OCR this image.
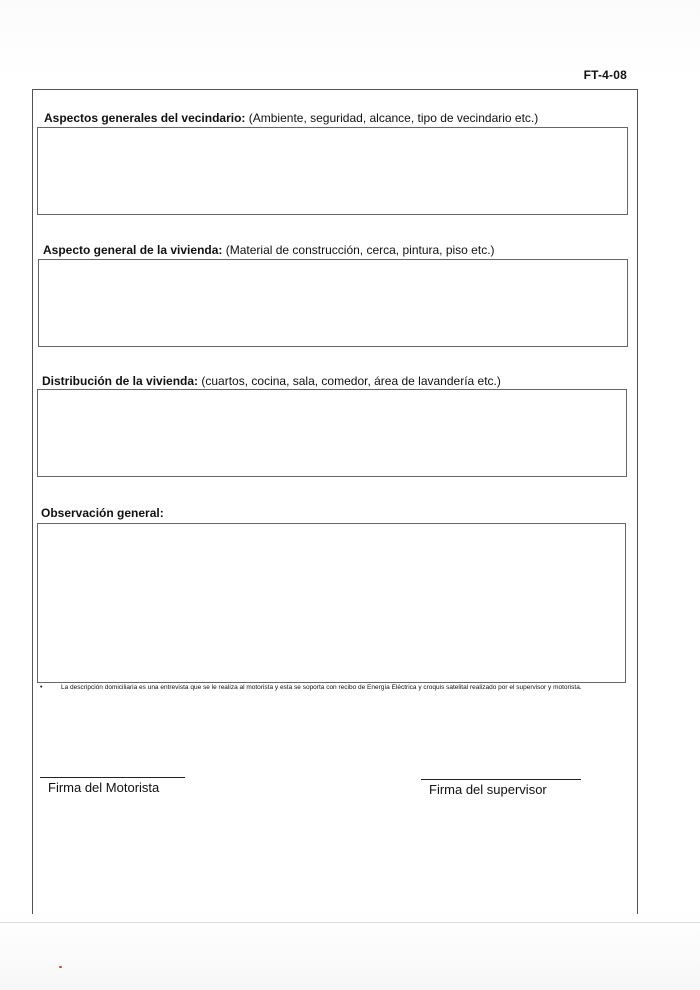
FT-4-08
Aspectos generales del vecindario: (Ambiente, seguridad, alcance, tipo de vecindario etc.)
Aspecto general de la vivienda: (Material de construcción, cerca, pintura, piso etc.)
Distribución de la vivienda: (cuartos, cocina, sala, comedor, área de lavandería etc.)
Observación general:
•	La descripción domiciliaria es una entrevista que se le realiza al motorista y esta se soporta con recibo de Energía Eléctrica y croquis satelital realizado por el supervisor y motorista.
Firma del Motorista	Firma del supervisor
